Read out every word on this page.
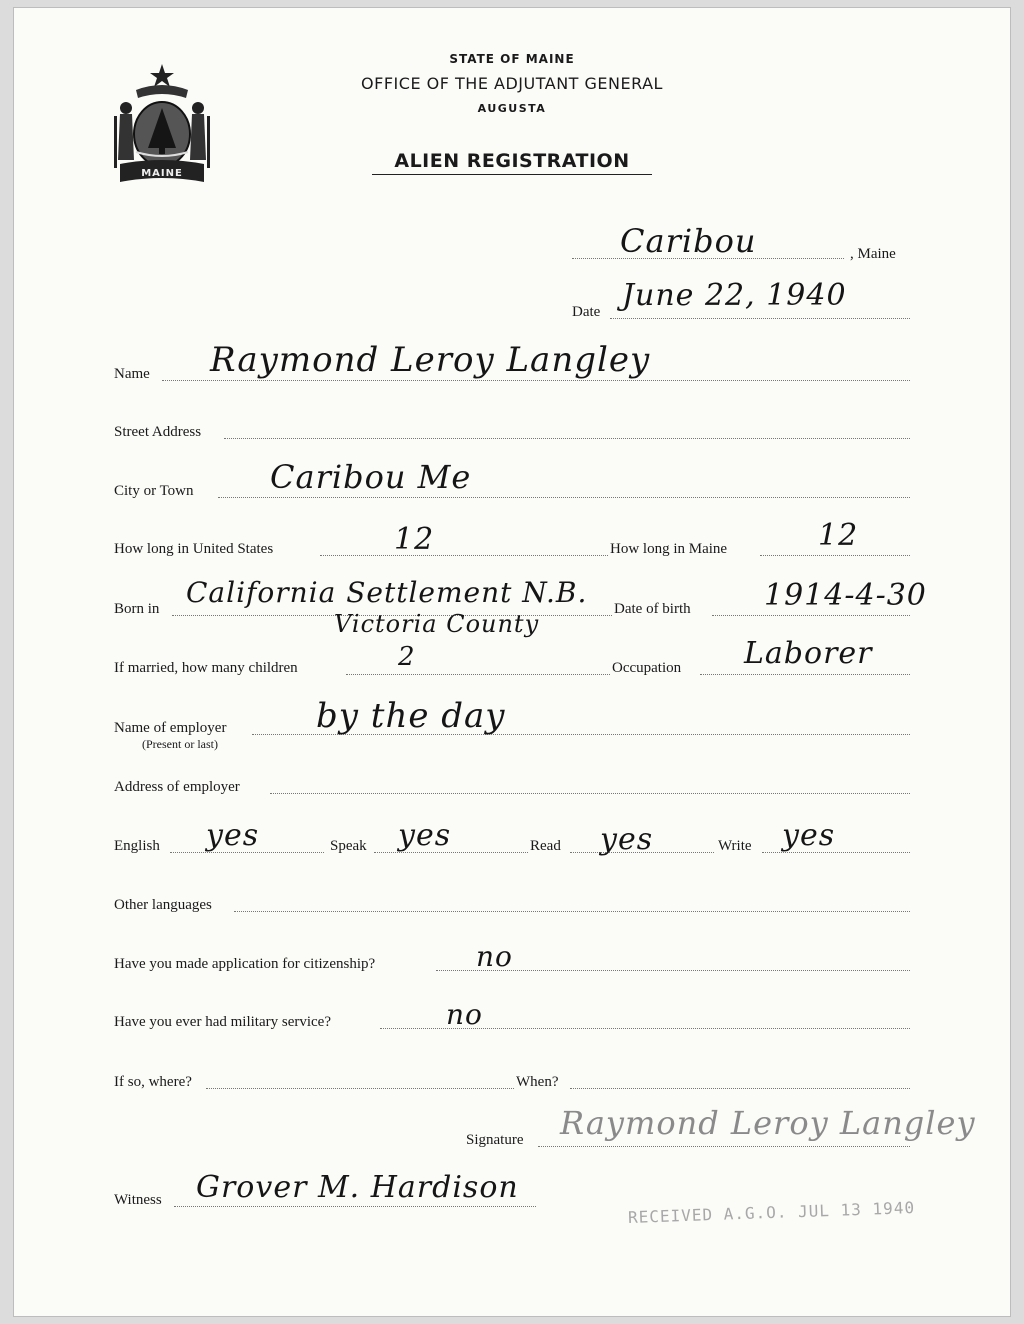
MAINE
STATE OF MAINE
OFFICE OF THE ADJUTANT GENERAL
AUGUSTA
ALIEN REGISTRATION
Caribou	, Maine
Date June 22, 1940
Name Raymond Leroy Langley
Street Address
City or Town Caribou Me
How long in United States	12	How long in Maine	12
Born in California Settlement N.B.
Victoria County
Date of birth 1914-4-30
If married, how many children	2	Occupation Laborer
Name of employer
(Present or last)
by the day
Address of employer
English yes	Speak yes	Read yes	Write yes
Other languages
Have you made application for citizenship?	no
Have you ever had military service?	no
If so, where?	When?
Signature Raymond Leroy Langley
Witness Grover M. Hardison
RECEIVED A.G.O. JUL 13 1940
